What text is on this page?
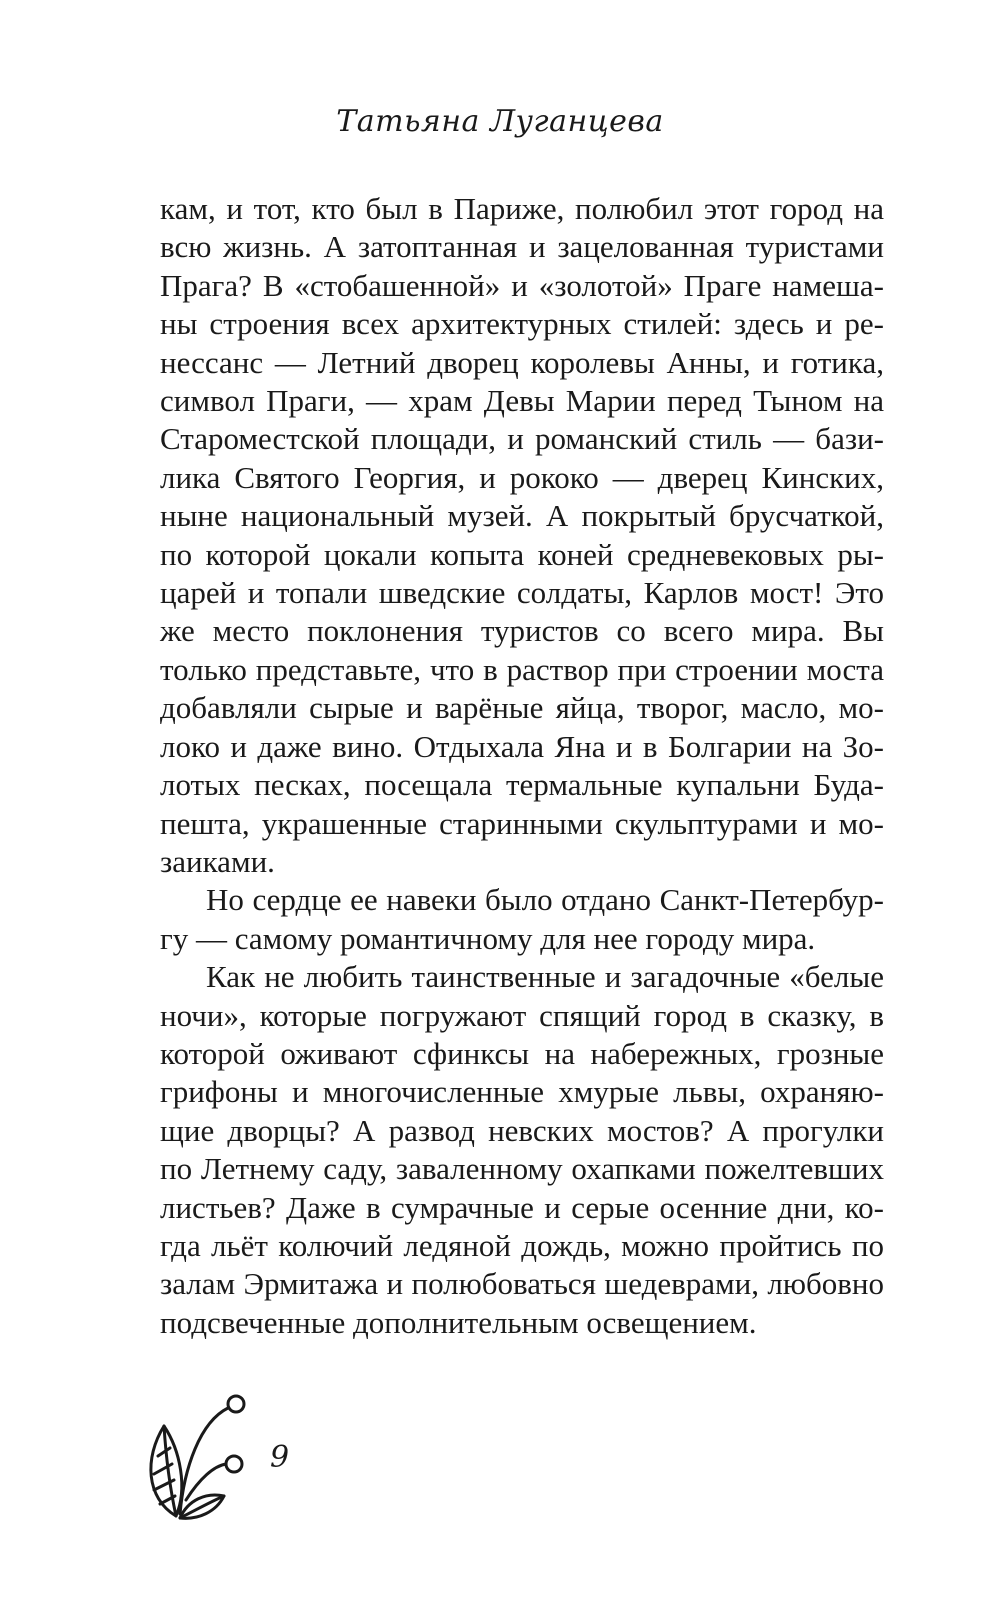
Татьяна Луганцева

кам, и тот, кто был в Париже, полюбил этот город на всю жизнь. А затоптанная и зацелованная туристами Прага? В «стобашенной» и «золотой» Праге намешаны строения всех архитектурных стилей: здесь и ренессанс — Летний дворец королевы Анны, и готика, символ Праги, — храм Девы Марии перед Тыном на Староместской площади, и романский стиль — базилика Святого Георгия, и рококо — дверец Кинских, ныне национальный музей. А покрытый брусчаткой, по которой цокали копыта коней средневековых рыцарей и топали шведские солдаты, Карлов мост! Это же место поклонения туристов со всего мира. Вы только представьте, что в раствор при строении моста добавляли сырые и варёные яйца, творог, масло, молоко и даже вино. Отдыхала Яна и в Болгарии на Золотых песках, посещала термальные купальни Будапешта, украшенные старинными скульптурами и мозаиками.

Но сердце ее навеки было отдано Санкт-Петербургу — самому романтичному для нее городу мира.

Как не любить таинственные и загадочные «белые ночи», которые погружают спящий город в сказку, в которой оживают сфинксы на набережных, грозные грифоны и многочисленные хмурые львы, охраняющие дворцы? А развод невских мостов? А прогулки по Летнему саду, заваленному охапками пожелтевших листьев? Даже в сумрачные и серые осенние дни, когда льёт колючий ледяной дождь, можно пройтись по залам Эрмитажа и полюбоваться шедеврами, любовно подсвеченные дополнительным освещением.

9
